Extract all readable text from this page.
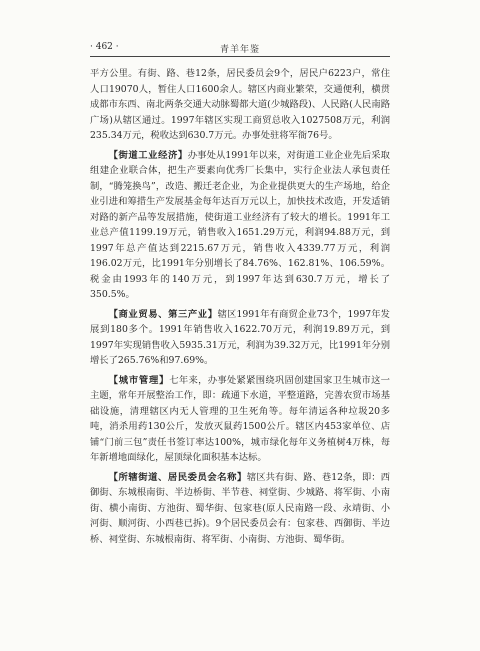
· 462 ·	青羊年鉴

平方公里。有街、路、巷12条，居民委员会9个，居民户6223户，常住人口19070人，暂住人口1600余人。辖区内商业繁荣，交通便利，横贯成都市东西、南北两条交通大动脉蜀都大道(少城路段)、人民路(人民南路广场)从辖区通过。1997年辖区实现工商贸总收入1027508万元，利润235.34万元，税收达到630.7万元。办事处驻将军衙76号。

【街道工业经济】办事处从1991年以来，对街道工业企业先后采取组建企业联合体，把生产要素向优秀厂长集中，实行企业法人承包责任制，“腾笼换鸟”，改造、搬迁老企业，为企业提供更大的生产场地，给企业引进和筹措生产发展基金每年达百万元以上，加快技术改造，开发适销对路的新产品等发展措施，使街道工业经济有了较大的增长。1991年工业总产值1199.19万元，销售收入1651.29万元，利润94.88万元，到1997年总产值达到2215.67万元，销售收入4339.77万元，利润196.02万元，比1991年分别增长了84.76%、162.81%、106.59%。税金由1993年的140万元，到1997年达到630.7万元，增长了350.5%。

【商业贸易、第三产业】辖区1991年有商贸企业73个，1997年发展到180多个。1991年销售收入1622.70万元，利润19.89万元，到1997年实现销售收入5935.31万元，利润为39.32万元，比1991年分别增长了265.76%和97.69%。

【城市管理】七年来，办事处紧紧围绕巩固创建国家卫生城市这一主题，常年开展整治工作，即：疏通下水道，平整道路，完善农贸市场基础设施，清理辖区内无人管理的卫生死角等。每年清运各种垃圾20多吨，消杀用药130公斤，发放灭鼠药1500公斤。辖区内453家单位、店铺“门前三包”责任书签订率达100%，城市绿化每年义务植树4万株，每年新增地面绿化，屋顶绿化面积基本达标。

【所辖街道、居民委员会名称】辖区共有街、路、巷12条，即：西御街、东城根南街、半边桥街、半节巷、祠堂街、少城路、将军街、小南街、横小南街、方池街、蜀华街、包家巷(原人民南路一段、永靖街、小河街、顺河街、小西巷已拆)。9个居民委员会有：包家巷、西御街、半边桥、祠堂街、东城根南街、将军街、小南街、方池街、蜀华街。
